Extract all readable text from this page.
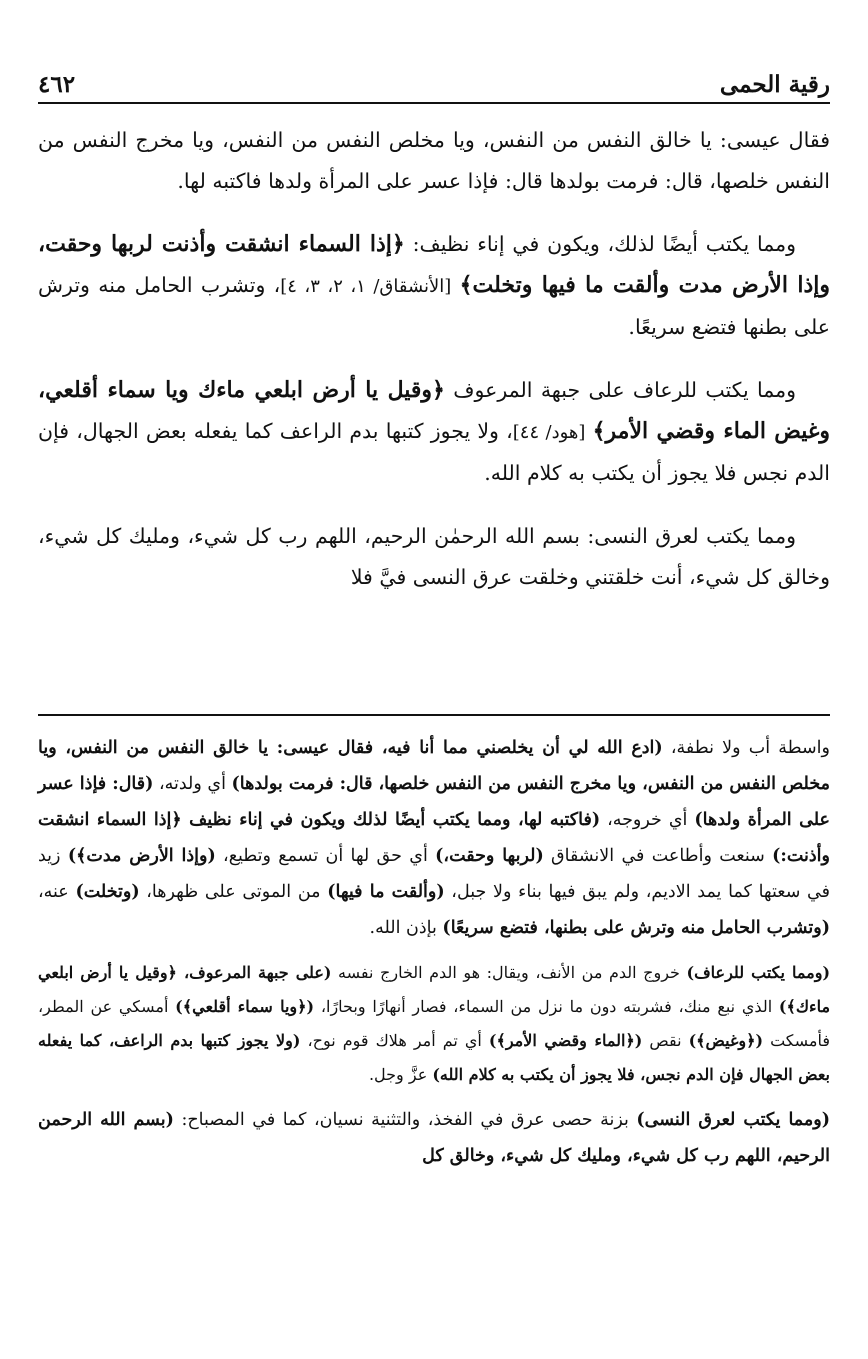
رقية الحمى
٤٦٢

فقال عيسى: يا خالق النفس من النفس، ويا مخلص النفس من النفس، ويا مخرج النفس من النفس خلصها، قال: فرمت بولدها قال: فإذا عسر على المرأة ولدها فاكتبه لها.

ومما يكتب أيضًا لذلك، ويكون في إناء نظيف: ﴿إذا السماء انشقت وأذنت لربها وحقت، وإذا الأرض مدت وألقت ما فيها وتخلت﴾ [الأنشقاق/ ١، ٢، ٣، ٤]، وتشرب الحامل منه وترش على بطنها فتضع سريعًا.

ومما يكتب للرعاف على جبهة المرعوف ﴿وقيل يا أرض ابلعي ماءك ويا سماء أقلعي، وغيض الماء وقضي الأمر﴾ [هود/ ٤٤]، ولا يجوز كتبها بدم الراعف كما يفعله بعض الجهال، فإن الدم نجس فلا يجوز أن يكتب به كلام الله.

ومما يكتب لعرق النسى: بسم الله الرحمٰن الرحيم، اللهم رب كل شيء، ومليك كل شيء، وخالق كل شيء، أنت خلقتني وخلقت عرق النسى فيَّ فلا

واسطة أب ولا نطفة، (ادع الله لي أن يخلصني مما أنا فيه، فقال عيسى: يا خالق النفس من النفس، ويا مخلص النفس من النفس، ويا مخرج النفس من النفس خلصها، قال: فرمت بولدها) أي ولدته، (قال: فإذا عسر على المرأة ولدها) أي خروجه، (فاكتبه لها، ومما يكتب أيضًا لذلك ويكون في إناء نظيف ﴿إذا السماء انشقت وأذنت:) سنعت وأطاعت في الانشقاق (لربها وحقت،) أي حق لها أن تسمع وتطيع، (وإذا الأرض مدت﴾) زيد في سعتها كما يمد الاديم، ولم يبق فيها بناء ولا جبل، (وألقت ما فيها) من الموتى على ظهرها، (وتخلت) عنه، (وتشرب الحامل منه وترش على بطنها، فتضع سريعًا) بإذن الله.

(ومما يكتب للرعاف) خروج الدم من الأنف، ويقال: هو الدم الخارج نفسه (على جبهة المرعوف، ﴿وقيل يا أرض ابلعي ماءك﴾) الذي نبع منك، فشربته دون ما نزل من السماء، فصار أنهارًا وبحارًا، (﴿ويا سماء أقلعي﴾) أمسكي عن المطر، فأمسكت (﴿وغيض﴾) نقص (﴿الماء وقضي الأمر﴾) أي تم أمر هلاك قوم نوح، (ولا يجوز كتبها بدم الراعف، كما يفعله بعض الجهال فإن الدم نجس، فلا يجوز أن يكتب به كلام الله) عزَّ وجل.

(ومما يكتب لعرق النسى) بزنة حصى عرق في الفخذ، والتثنية نسيان، كما في المصباح: (بسم الله الرحمن الرحيم، اللهم رب كل شيء، ومليك كل شيء، وخالق كل
